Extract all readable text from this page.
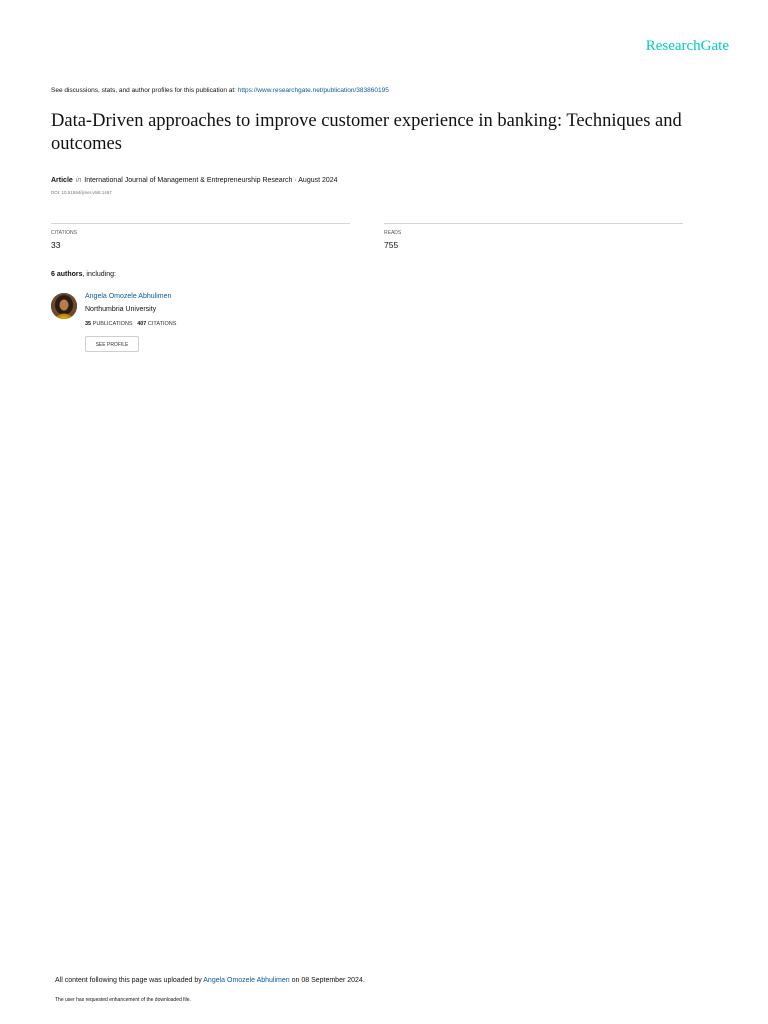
ResearchGate
See discussions, stats, and author profiles for this publication at: https://www.researchgate.net/publication/383860195
Data-Driven approaches to improve customer experience in banking: Techniques and outcomes
Article in International Journal of Management & Entrepreneurship Research · August 2024
DOI: 10.51594/ijmer.v6i8.1467
CITATIONS
33
READS
755
6 authors, including:
Angela Omozele Abhulimen
Northumbria University
35 PUBLICATIONS 407 CITATIONS
SEE PROFILE
All content following this page was uploaded by Angela Omozele Abhulimen on 08 September 2024.
The user has requested enhancement of the downloaded file.
